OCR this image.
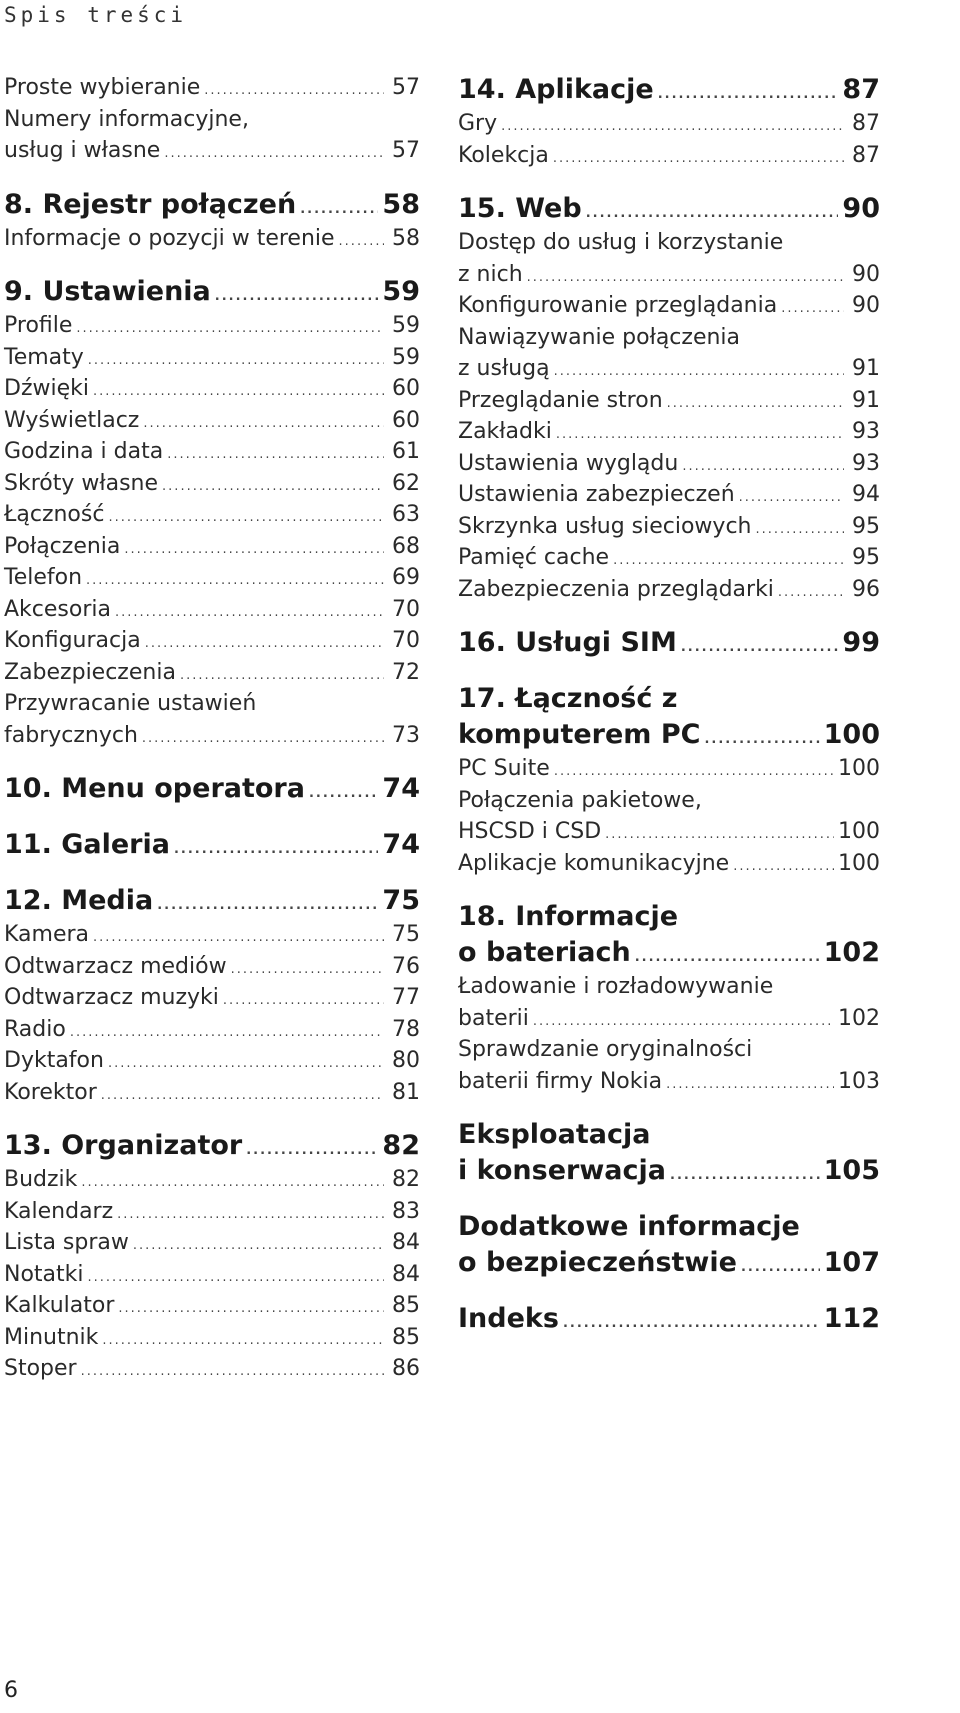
Spis treści
Proste wybieranie .....	57
Numery informacyjne,
usług i własne .....	57
8. Rejestr połączeń .....	58
Informacje o pozycji w terenie .....	58
9. Ustawienia .....	59
Profile .....	59
Tematy .....	59
Dźwięki .....	60
Wyświetlacz .....	60
Godzina i data .....	61
Skróty własne .....	62
Łączność .....	63
Połączenia .....	68
Telefon .....	69
Akcesoria .....	70
Konfiguracja .....	70
Zabezpieczenia .....	72
Przywracanie ustawień
fabrycznych .....	73
10. Menu operatora .....	74
11. Galeria .....	74
12. Media .....	75
Kamera .....	75
Odtwarzacz mediów .....	76
Odtwarzacz muzyki .....	77
Radio .....	78
Dyktafon .....	80
Korektor .....	81
13. Organizator .....	82
Budzik .....	82
Kalendarz .....	83
Lista spraw .....	84
Notatki .....	84
Kalkulator .....	85
Minutnik .....	85
Stoper .....	86
14. Aplikacje .....	87
Gry .....	87
Kolekcja .....	87
15. Web .....	90
Dostęp do usług i korzystanie
z nich .....	90
Konfigurowanie przeglądania .....	90
Nawiązywanie połączenia
z usługą .....	91
Przeglądanie stron .....	91
Zakładki .....	93
Ustawienia wyglądu .....	93
Ustawienia zabezpieczeń .....	94
Skrzynka usług sieciowych .....	95
Pamięć cache .....	95
Zabezpieczenia przeglądarki .....	96
16. Usługi SIM .....	99
17. Łączność z
komputerem PC .....	100
PC Suite .....	100
Połączenia pakietowe,
HSCSD i CSD .....	100
Aplikacje komunikacyjne .....	100
18. Informacje
o bateriach .....	102
Ładowanie i rozładowywanie
baterii .....	102
Sprawdzanie oryginalności
baterii firmy Nokia .....	103
Eksploatacja
i konserwacja .....	105
Dodatkowe informacje
o bezpieczeństwie .....	107
Indeks .....	112
6
